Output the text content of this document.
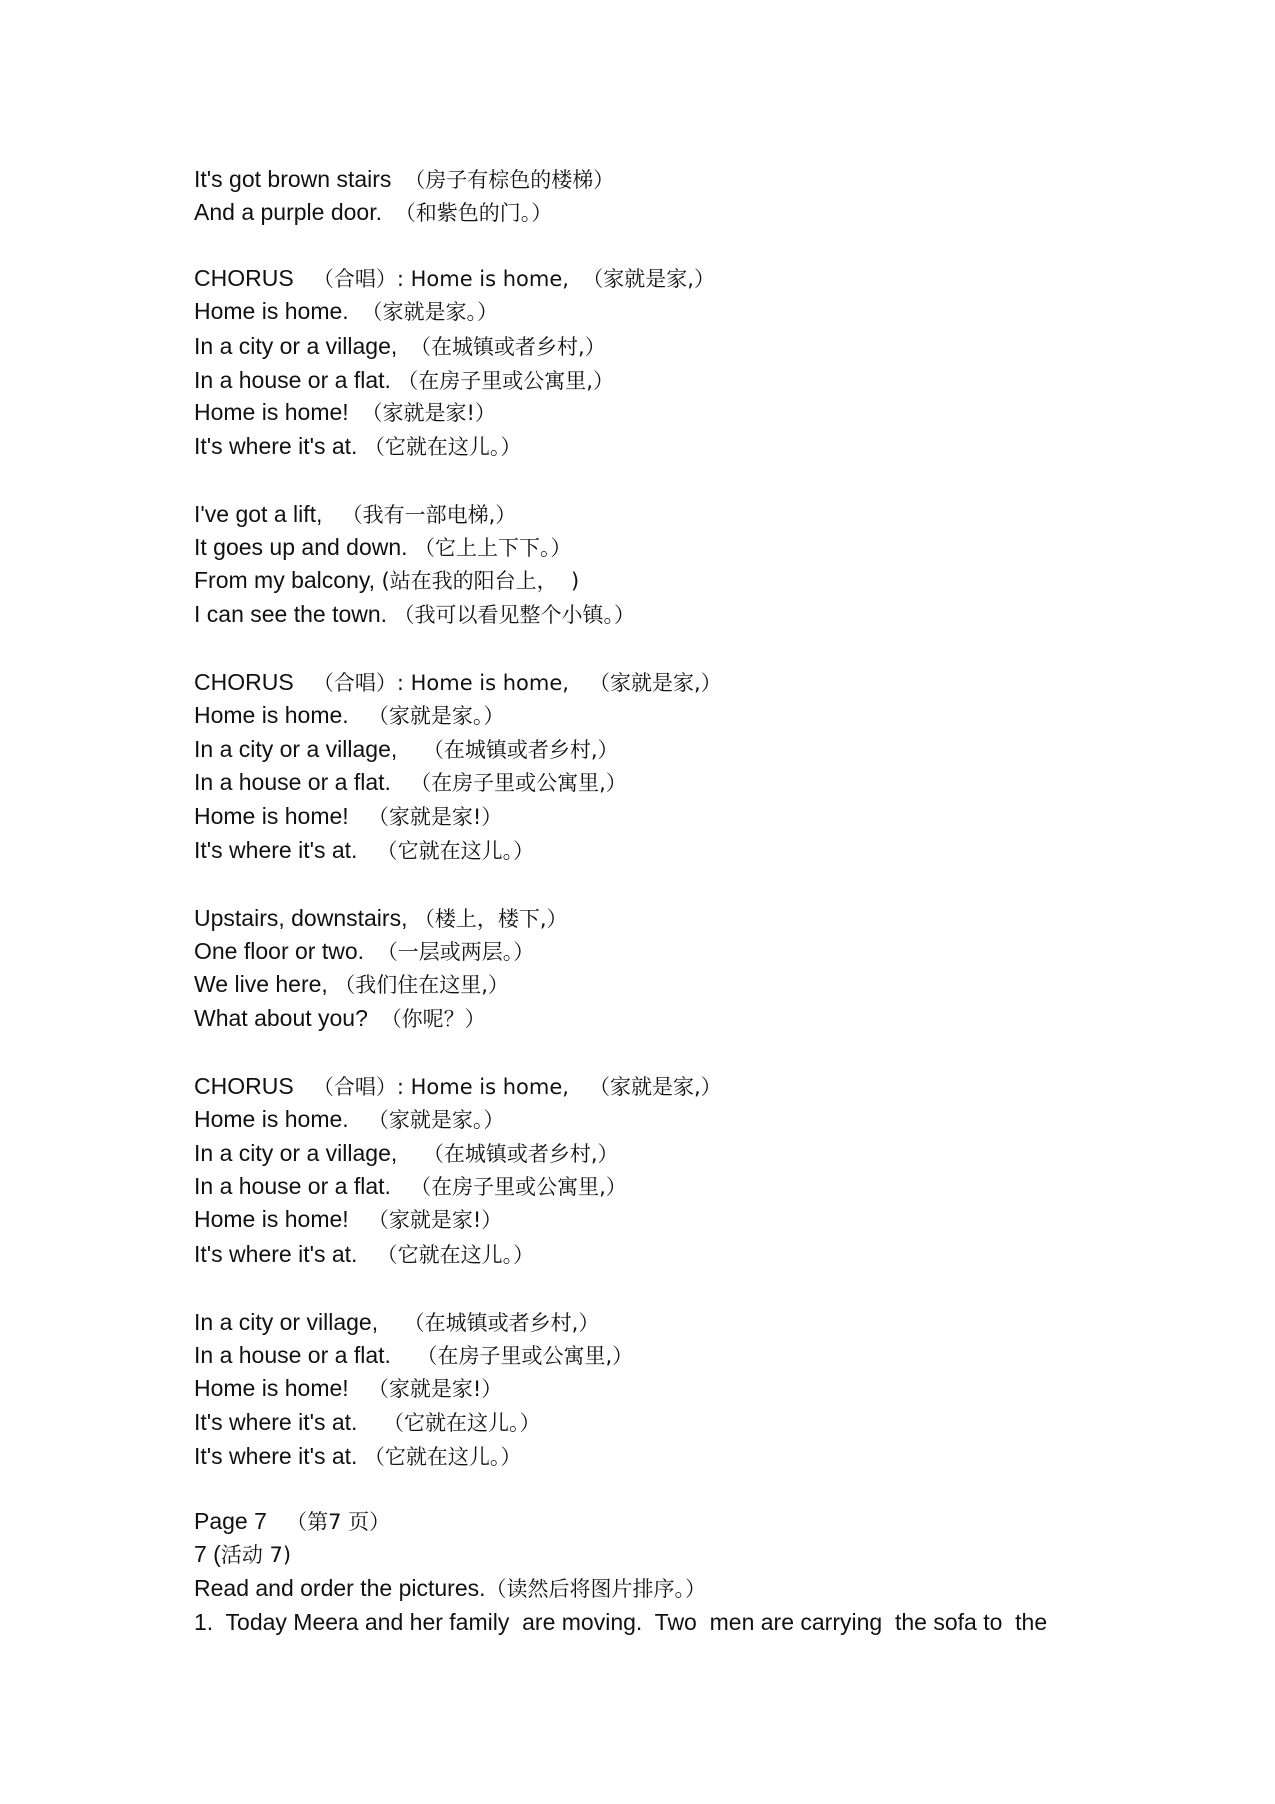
It's got brown stairs （房子有棕色的楼梯）
And a purple door. （和紫色的门。）
CHORUS （合唱）: Home is home,  （家就是家,）
Home is home. （家就是家。）
In a city or a village, （在城镇或者乡村,）
In a house or a flat. （在房子里或公寓里,）
Home is home! （家就是家!）
It's where it's at. （它就在这儿。）
I've got a lift, （我有一部电梯,）
It goes up and down. （它上上下下。）
From my balcony, (站在我的阳台上，  )
I can see the town. （我可以看见整个小镇。）
CHORUS （合唱）: Home is home,   （家就是家,）
Home is home. （家就是家。）
In a city or a village, （在城镇或者乡村,）
In a house or a flat. （在房子里或公寓里,）
Home is home! （家就是家!）
It's where it's at. （它就在这儿。）
Upstairs, downstairs, （楼上，楼下,）
One floor or two. （一层或两层。）
We live here, （我们住在这里,）
What about you? （你呢？）
CHORUS （合唱）: Home is home,   （家就是家,）
Home is home. （家就是家。）
In a city or a village, （在城镇或者乡村,）
In a house or a flat. （在房子里或公寓里,）
Home is home! （家就是家!）
It's where it's at. （它就在这儿。）
In a city or village, （在城镇或者乡村,）
In a house or a flat. （在房子里或公寓里,）
Home is home! （家就是家!）
It's where it's at. （它就在这儿。）
It's where it's at. （它就在这儿。）
Page 7 （第7 页）
7 (活动 7)
Read and order the pictures.（读然后将图片排序。）
1.  Today Meera and her family  are moving.  Two  men are carrying  the sofa to  the
